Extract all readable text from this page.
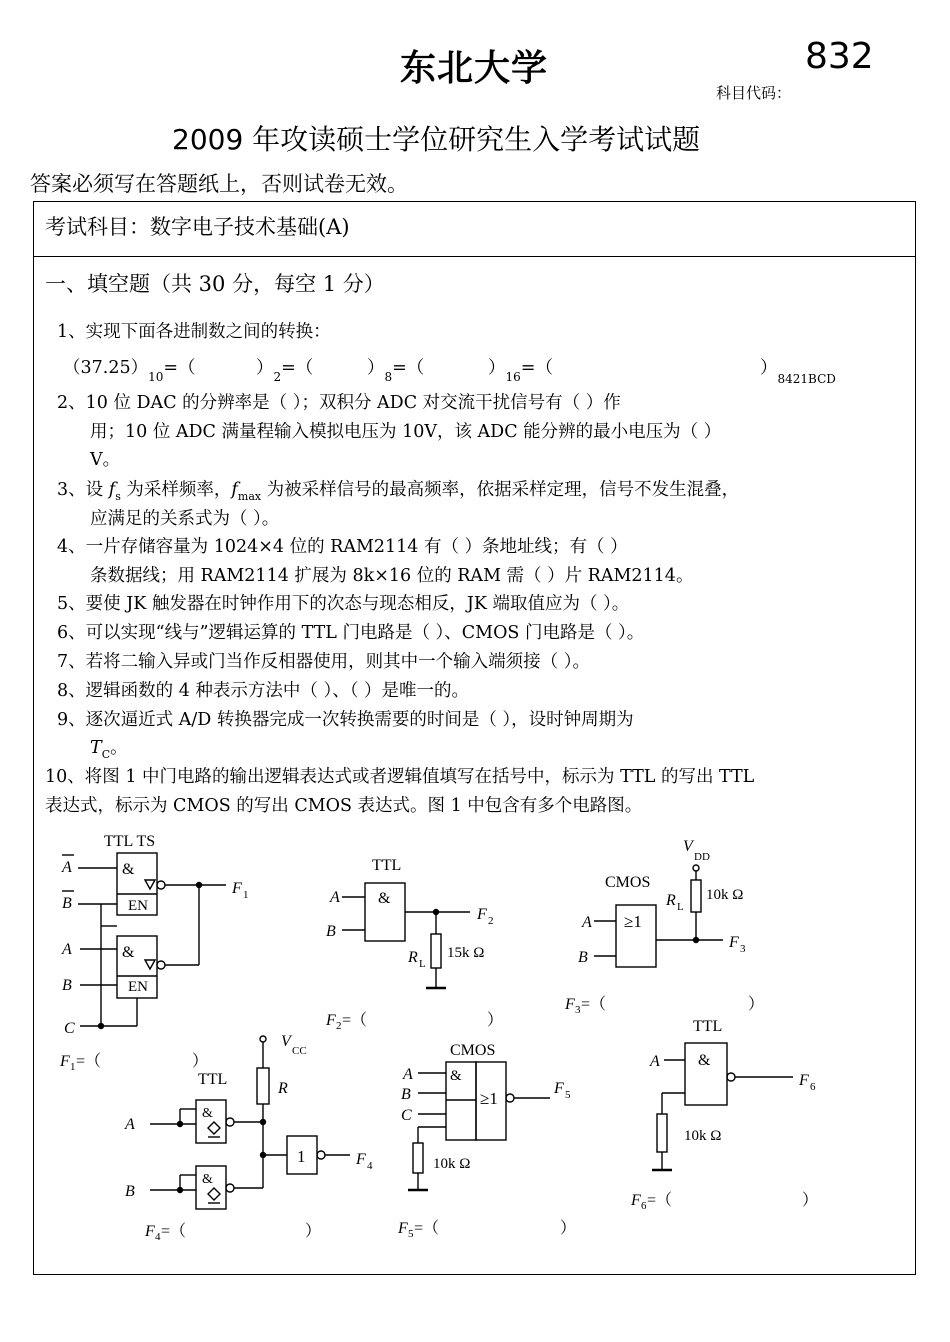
东北大学	832
科目代码：
2009 年攻读硕士学位研究生入学考试试题
答案必须写在答题纸上，否则试卷无效。
考试科目：数字电子技术基础(A)
一、填空题（共 30 分，每空 1 分）
1、实现下面各进制数之间的转换：
$(37.25)_{10}=$（	）$_2=$（	）$_8=$（	）$_{16}=$（	）$_{8421BCD}$
2、10 位 DAC 的分辨率是（ ）；双积分 ADC 对交流干扰信号有（ ）作
用；10 位 ADC 满量程输入模拟电压为 10V，该 ADC 能分辨的最小电压为（ ）
V。
3、设 $f_s$ 为采样频率，$f_{max}$ 为被采样信号的最高频率，依据采样定理，信号不发生混叠，
应满足的关系式为（ ）。
4、一片存储容量为 1024×4 位的 RAM2114 有（ ）条地址线；有（ ）
条数据线；用 RAM2114 扩展为 8k×16 位的 RAM 需（ ）片 RAM2114。
5、要使 JK 触发器在时钟作用下的次态与现态相反，JK 端取值应为（ ）。
6、可以实现“线与”逻辑运算的 TTL 门电路是（ ）、CMOS 门电路是（ ）。
7、若将二输入异或门当作反相器使用，则其中一个输入端须接（ ）。
8、逻辑函数的 4 种表示方法中（ ）、（ ）是唯一的。
9、逐次逼近式 A/D 转换器完成一次转换需要的时间是（ ），设时钟周期为
$T_C$。
10、将图 1 中门电路的输出逻辑表达式或者逻辑值填写在括号中，标示为 TTL 的写出 TTL
表达式，标示为 CMOS 的写出 CMOS 表达式。图 1 中包含有多个电路图。
TTL TS
&
EN
F 1
A
B
&
EN
A
B
C
F 1 =（	）
TTL
&
A
B
F 2
15k Ω
R L
F 2 =（	）
V
DD
CMOS
10k Ω
R L
≥1
A
B
F 3
F 3 =（	）
TTL
V
CC
R
&
A
&
B
1	F 4
F 4 =（	）
CMOS
&
≥1
F 5
A
B
C
10k Ω
F 5 =（	）
TTL
&
F 6
A
10k Ω
F 6 =（	）
